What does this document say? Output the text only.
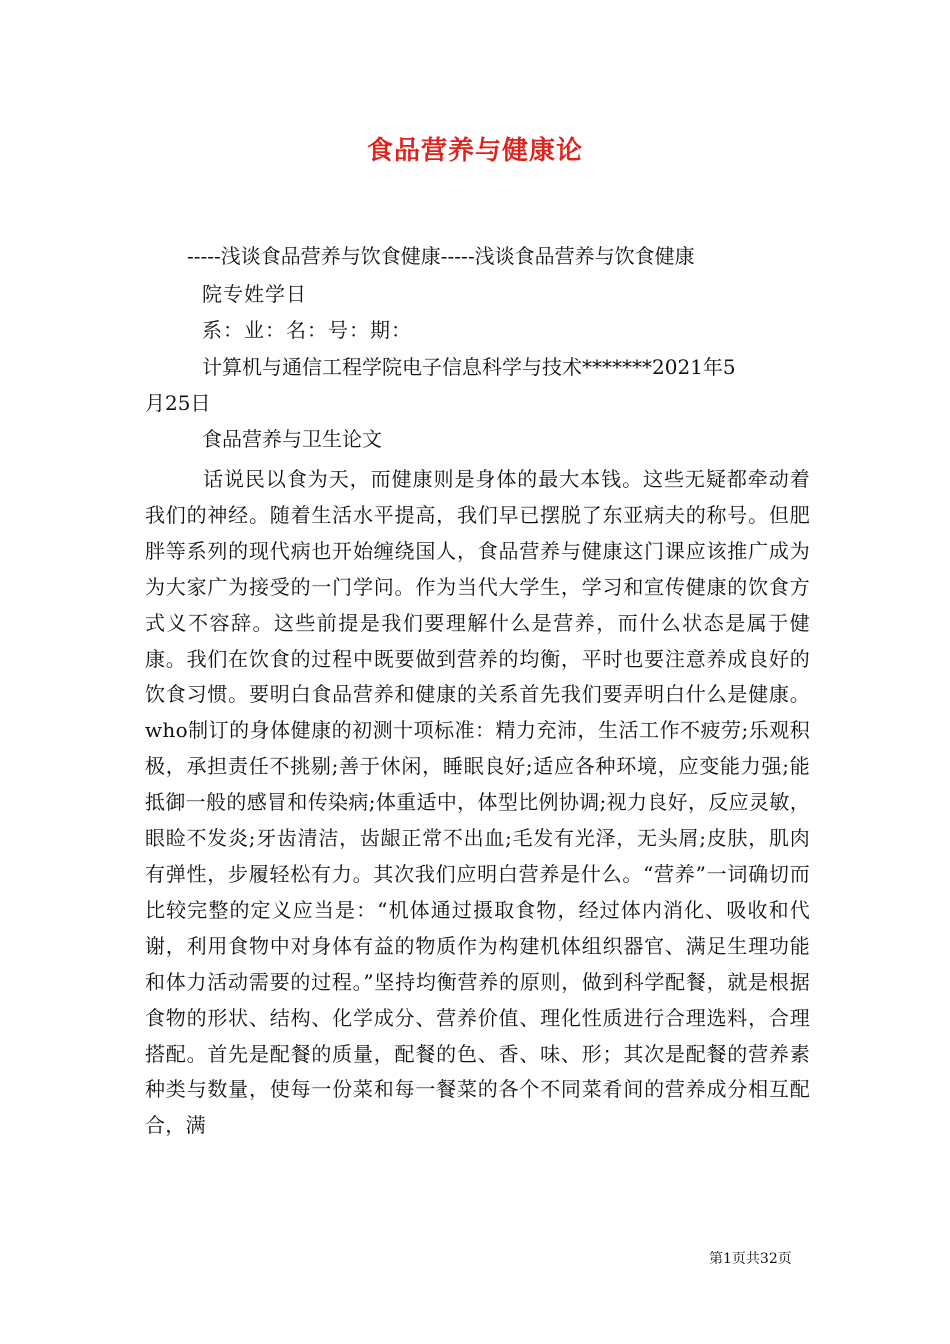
食品营养与健康论
-----浅谈食品营养与饮食健康-----浅谈食品营养与饮食健康
院专姓学日
系：业：名：号：期：
计算机与通信工程学院电子信息科学与技术*******2021年5
月25日
食品营养与卫生论文
话说民以食为天，而健康则是身体的最大本钱。这些无疑都牵动着我们的神经。随着生活水平提高，我们早已摆脱了东亚病夫的称号。但肥胖等系列的现代病也开始缠绕国人，食品营养与健康这门课应该推广成为为大家广为接受的一门学问。作为当代大学生，学习和宣传健康的饮食方式义不容辞。这些前提是我们要理解什么是营养，而什么状态是属于健康。我们在饮食的过程中既要做到营养的均衡，平时也要注意养成良好的饮食习惯。要明白食品营养和健康的关系首先我们要弄明白什么是健康。who制订的身体健康的初测十项标准：精力充沛，生活工作不疲劳;乐观积极，承担责任不挑剔;善于休闲，睡眠良好;适应各种环境，应变能力强;能抵御一般的感冒和传染病;体重适中，体型比例协调;视力良好，反应灵敏，眼睑不发炎;牙齿清洁，齿龈正常不出血;毛发有光泽，无头屑;皮肤，肌肉有弹性，步履轻松有力。其次我们应明白营养是什么。“营养”一词确切而比较完整的定义应当是：“机体通过摄取食物，经过体内消化、吸收和代谢，利用食物中对身体有益的物质作为构建机体组织器官、满足生理功能和体力活动需要的过程。”坚持均衡营养的原则，做到科学配餐，就是根据食物的形状、结构、化学成分、营养价值、理化性质进行合理选料，合理搭配。首先是配餐的质量，配餐的色、香、味、形；其次是配餐的营养素种类与数量，使每一份菜和每一餐菜的各个不同菜肴间的营养成分相互配合，满
第1页共32页
